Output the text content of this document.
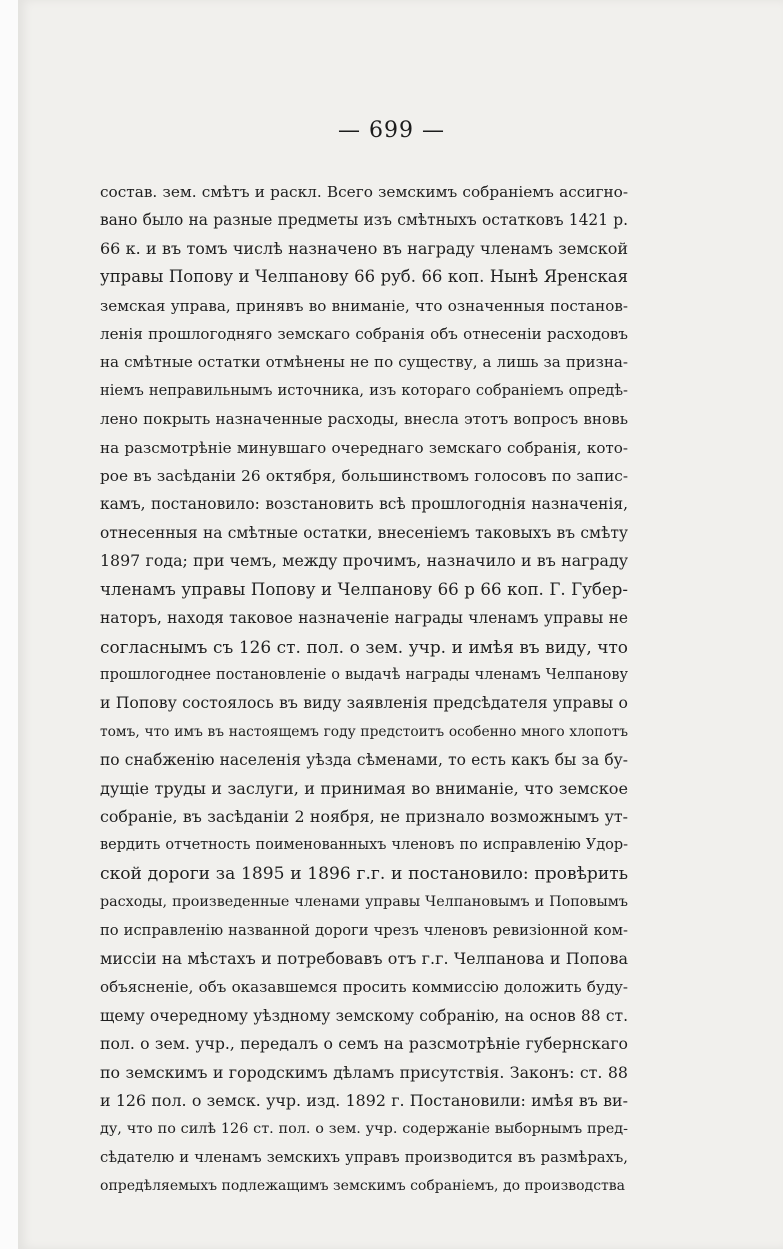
— 699 —
состав. зем. смѣтъ и раскл. Всего земскимъ собраніемъ ассигно-
вано было на разные предметы изъ смѣтныхъ остатковъ 1421 р.
66 к. и въ томъ числѣ назначено въ награду членамъ земской
управы Попову и Челпанову 66 руб. 66 коп. Нынѣ Яренская
земская управа, принявъ во вниманіе, что означенныя постанов-
ленія прошлогодняго земскаго собранія объ отнесеніи расходовъ
на смѣтные остатки отмѣнены не по существу, а лишь за призна-
ніемъ неправильнымъ источника, изъ котораго собраніемъ опредѣ-
лено покрыть назначенные расходы, внесла этотъ вопросъ вновь
на разсмотрѣніе минувшаго очереднаго земскаго собранія, кото-
рое въ засѣданіи 26 октября, большинствомъ голосовъ по запис-
камъ, постановило: возстановить всѣ прошлогоднія назначенія,
отнесенныя на смѣтные остатки, внесеніемъ таковыхъ въ смѣту
1897 года; при чемъ, между прочимъ, назначило и въ награду
членамъ управы Попову и Челпанову 66 р 66 коп. Г. Губер-
наторъ, находя таковое назначеніе награды членамъ управы не
согласнымъ съ 126 ст. пол. о зем. учр. и имѣя въ виду, что
прошлогоднее постановленіе о выдачѣ награды членамъ Челпанову
и Попову состоялось въ виду заявленія предсѣдателя управы о
томъ, что имъ въ настоящемъ году предстоитъ особенно много хлопотъ
по снабженію населенія уѣзда сѣменами, то есть какъ бы за бу-
дущіе труды и заслуги, и принимая во вниманіе, что земское
собраніе, въ засѣданіи 2 ноября, не признало возможнымъ ут-
вердить отчетность поименованныхъ членовъ по исправленію Удор-
ской дороги за 1895 и 1896 г.г. и постановило: провѣрить
расходы, произведенные членами управы Челпановымъ и Поповымъ
по исправленію названной дороги чрезъ членовъ ревизіонной ком-
миссіи на мѣстахъ и потребовавъ отъ г.г. Челпанова и Попова
объясненіе, объ оказавшемся просить коммиссію доложить буду-
щему очередному уѣздному земскому собранію, на основ 88 ст.
пол. о зем. учр., передалъ о семъ на разсмотрѣніе губернскаго
по земскимъ и городскимъ дѣламъ присутствія. Законъ: ст. 88
и 126 пол. о земск. учр. изд. 1892 г. Постановили: имѣя въ ви-
ду, что по силѣ 126 ст. пол. о зем. учр. содержаніе выборнымъ пред-
сѣдателю и членамъ земскихъ управъ производится въ размѣрахъ,
опредѣляемыхъ подлежащимъ земскимъ собраніемъ, до производства
